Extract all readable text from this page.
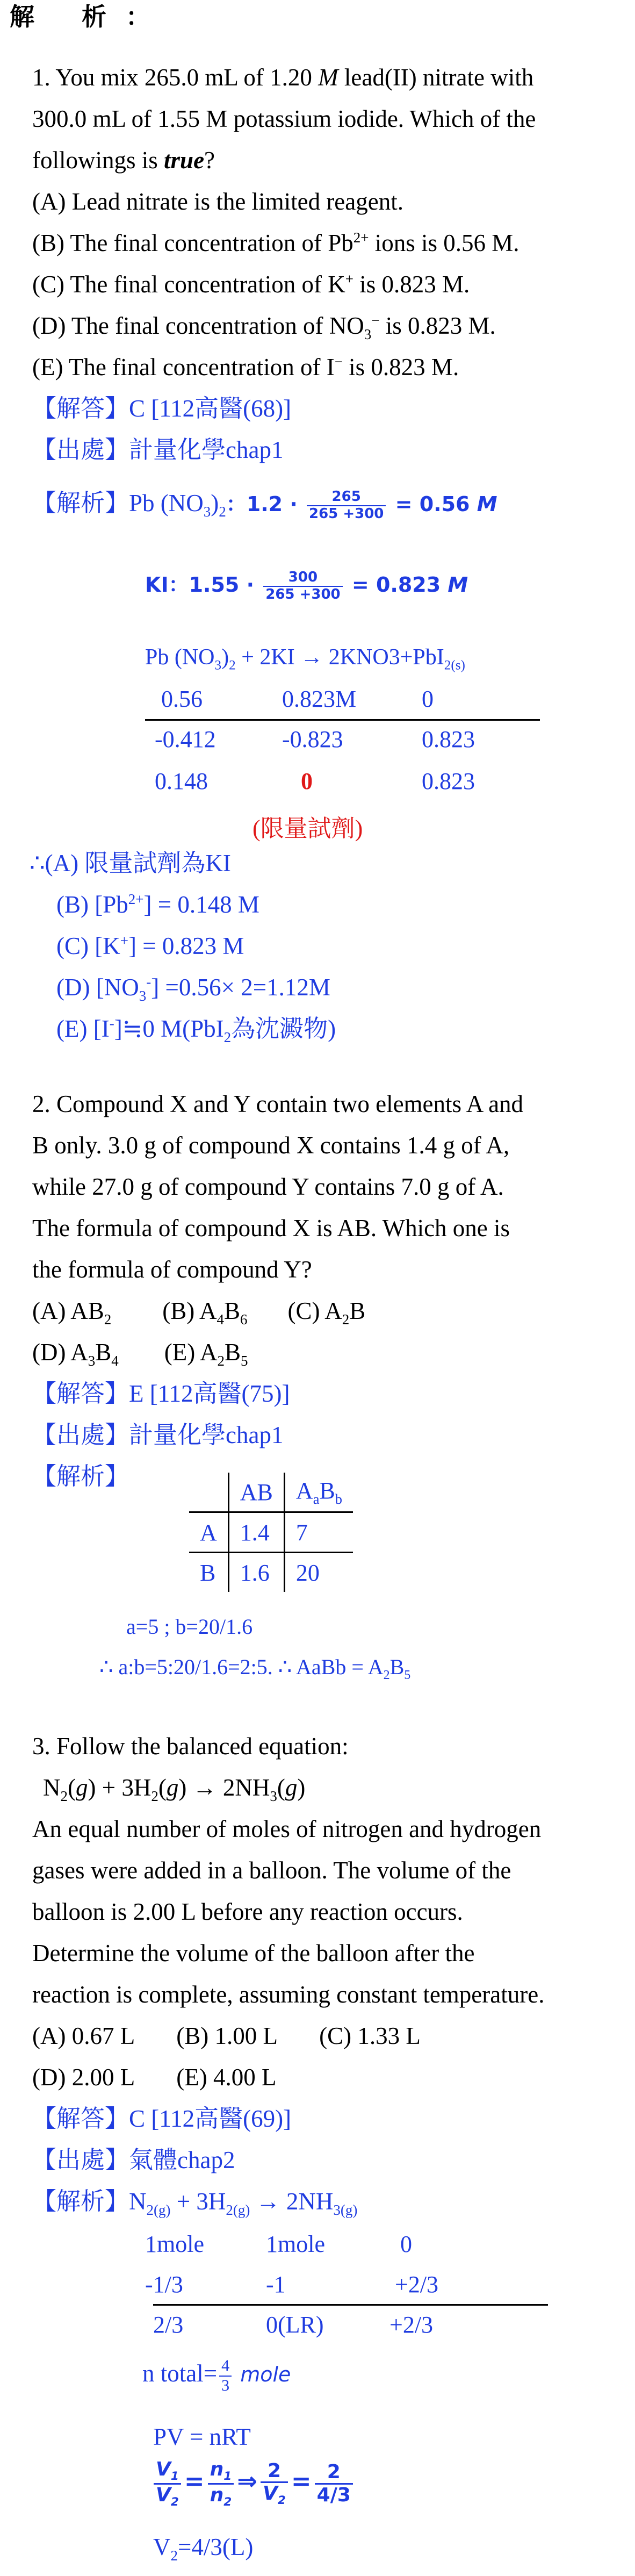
解 析：
1. You mix 265.0 mL of 1.20 M lead(II) nitrate with
300.0 mL of 1.55 M potassium iodide. Which of the
followings is true?
(A) Lead nitrate is the limited reagent.
(B) The final concentration of $Pb^{2+}$ ions is 0.56 M.
(C) The final concentration of K+ is 0.823 M.
(D) The final concentration of $NO_3^-$ is 0.823 M.
(E) The final concentration of I− is 0.823 M.
【解答】C [112高醫(68)]
【出處】計量化學chap1
【解析】Pb $(NO_3)_2$：$1.2 \cdot \frac{265}{265 +300} = 0.56$ M
KI：$1.55 \cdot \frac{300}{265 +300} = 0.823$ M
Pb $(NO_3)_2 + 2KI \to 2KNO3+PbI_{2(s)}$
0.56	0.823M	0
-0.412	-0.823	0.823
0.148	0	0.823
(限量試劑)
∴(A) 限量試劑為KI
(B) $[Pb^{2+}] = 0.148$ M
(C) [K+] = 0.823 M
(D) $[NO_3^-] =0.56\times 2=1.12M$
(E) [I-]≒0 M(PbI$_2$為沈澱物)
2. Compound X and Y contain two elements A and
B only. 3.0 g of compound X contains 1.4 g of A,
while 27.0 g of compound Y contains 7.0 g of A.
The formula of compound X is AB. Which one is
the formula of compound Y?
(A) $AB_2$ (B) $A_4B_6$ (C) $A_2B$
(D) $A_3B_4$ (E) $A_2B_5$
【解答】E [112高醫(75)]
【出處】計量化學chap1
【解析】
	AB	$A_aB_b$
A	1.4	7
B	1.6	20
a=5 ; b=20/1.6
∴ a:b=5:20/1.6=2:5. ∴ AaBb = $A_2B_5$
3. Follow the balanced equation:
$N_2(g) + 3H_2(g) \to 2NH_3(g)$
An equal number of moles of nitrogen and hydrogen
gases were added in a balloon. The volume of the
balloon is 2.00 L before any reaction occurs.
Determine the volume of the balloon after the
reaction is complete, assuming constant temperature.
(A) 0.67 L       (B) 1.00 L       (C) 1.33 L
(D) 2.00 L       (E) 4.00 L
【解答】C [112高醫(69)]
【出處】氣體chap2
【解析】$N_{2(g)} + 3H_{2(g)} \to 2NH_{3(g)}$
1mole	1mole	0
-1/3	-1	+2/3
2/3	0(LR)	+2/3
n total= $\frac{4}{3}$ mole
PV = nRT
$\frac{V_1}{V_2} = \frac{n_1}{n_2}$ ⇒ $\frac{2}{V_2} = \frac{2}{4/3}$
$V_2=4/3(L)$
